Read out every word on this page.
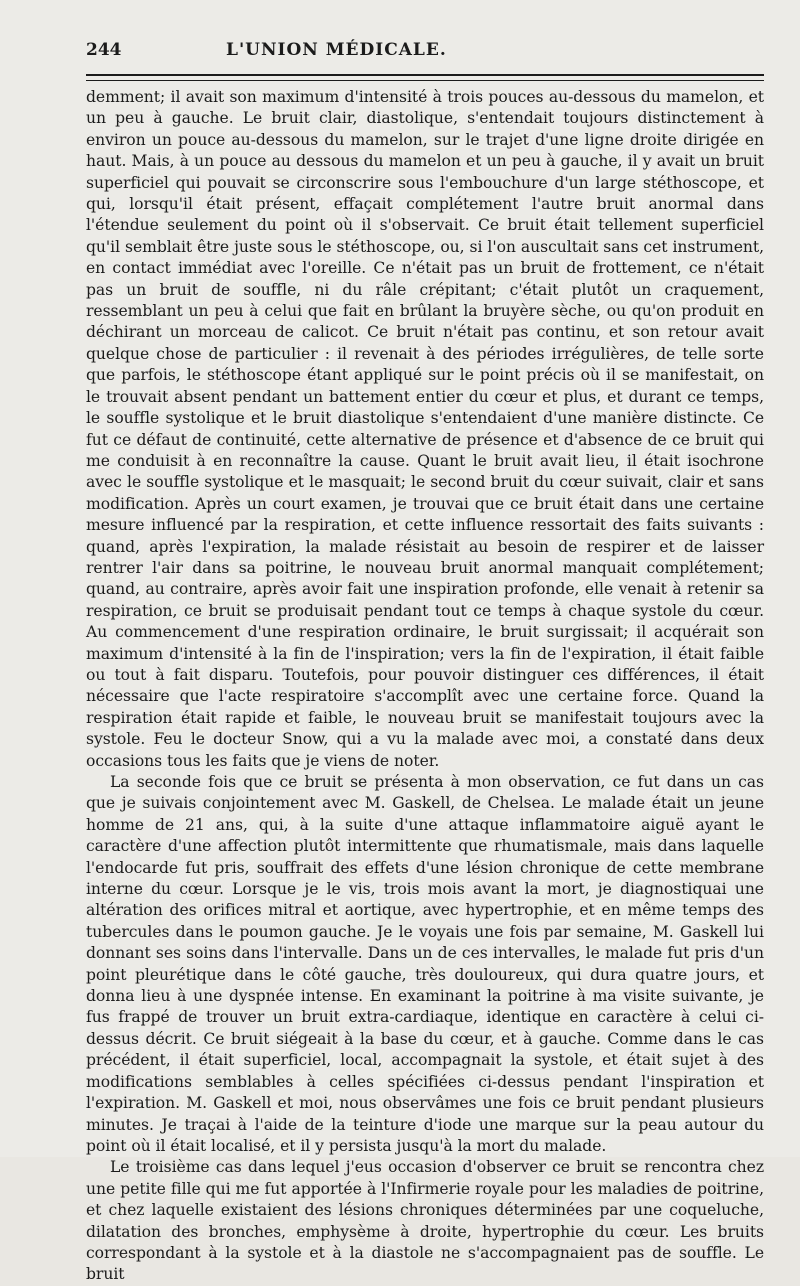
244	L'UNION MÉDICALE.

demment; il avait son maximum d'intensité à trois pouces au-dessous du mamelon, et un peu à gauche. Le bruit clair, diastolique, s'entendait toujours distinctement à environ un pouce au-dessous du mamelon, sur le trajet d'une ligne droite dirigée en haut. Mais, à un pouce au dessous du mamelon et un peu à gauche, il y avait un bruit superficiel qui pouvait se circonscrire sous l'embouchure d'un large stéthoscope, et qui, lorsqu'il était présent, effaçait complétement l'autre bruit anormal dans l'étendue seulement du point où il s'observait. Ce bruit était tellement superficiel qu'il semblait être juste sous le stéthoscope, ou, si l'on auscultait sans cet instrument, en contact immédiat avec l'oreille. Ce n'était pas un bruit de frottement, ce n'était pas un bruit de souffle, ni du râle crépitant; c'était plutôt un craquement, ressemblant un peu à celui que fait en brûlant la bruyère sèche, ou qu'on produit en déchirant un morceau de calicot. Ce bruit n'était pas continu, et son retour avait quelque chose de particulier : il revenait à des périodes irrégulières, de telle sorte que parfois, le stéthoscope étant appliqué sur le point précis où il se manifestait, on le trouvait absent pendant un battement entier du cœur et plus, et durant ce temps, le souffle systolique et le bruit diastolique s'entendaient d'une manière distincte. Ce fut ce défaut de continuité, cette alternative de présence et d'absence de ce bruit qui me conduisit à en reconnaître la cause. Quant le bruit avait lieu, il était isochrone avec le souffle systolique et le masquait; le second bruit du cœur suivait, clair et sans modification. Après un court examen, je trouvai que ce bruit était dans une certaine mesure influencé par la respiration, et cette influence ressortait des faits suivants : quand, après l'expiration, la malade résistait au besoin de respirer et de laisser rentrer l'air dans sa poitrine, le nouveau bruit anormal manquait complétement; quand, au contraire, après avoir fait une inspiration profonde, elle venait à retenir sa respiration, ce bruit se produisait pendant tout ce temps à chaque systole du cœur. Au commencement d'une respiration ordinaire, le bruit surgissait; il acquérait son maximum d'intensité à la fin de l'inspiration; vers la fin de l'expiration, il était faible ou tout à fait disparu. Toutefois, pour pouvoir distinguer ces différences, il était nécessaire que l'acte respiratoire s'accomplît avec une certaine force. Quand la respiration était rapide et faible, le nouveau bruit se manifestait toujours avec la systole. Feu le docteur Snow, qui a vu la malade avec moi, a constaté dans deux occasions tous les faits que je viens de noter.

La seconde fois que ce bruit se présenta à mon observation, ce fut dans un cas que je suivais conjointement avec M. Gaskell, de Chelsea. Le malade était un jeune homme de 21 ans, qui, à la suite d'une attaque inflammatoire aiguë ayant le caractère d'une affection plutôt intermittente que rhumatismale, mais dans laquelle l'endocarde fut pris, souffrait des effets d'une lésion chronique de cette membrane interne du cœur. Lorsque je le vis, trois mois avant la mort, je diagnostiquai une altération des orifices mitral et aortique, avec hypertrophie, et en même temps des tubercules dans le poumon gauche. Je le voyais une fois par semaine, M. Gaskell lui donnant ses soins dans l'intervalle. Dans un de ces intervalles, le malade fut pris d'un point pleurétique dans le côté gauche, très douloureux, qui dura quatre jours, et donna lieu à une dyspnée intense. En examinant la poitrine à ma visite suivante, je fus frappé de trouver un bruit extra-cardiaque, identique en caractère à celui ci-dessus décrit. Ce bruit siégeait à la base du cœur, et à gauche. Comme dans le cas précédent, il était superficiel, local, accompagnait la systole, et était sujet à des modifications semblables à celles spécifiées ci-dessus pendant l'inspiration et l'expiration. M. Gaskell et moi, nous observâmes une fois ce bruit pendant plusieurs minutes. Je traçai à l'aide de la teinture d'iode une marque sur la peau autour du point où il était localisé, et il y persista jusqu'à la mort du malade.

Le troisième cas dans lequel j'eus occasion d'observer ce bruit se rencontra chez une petite fille qui me fut apportée à l'Infirmerie royale pour les maladies de poitrine, et chez laquelle existaient des lésions chroniques déterminées par une coqueluche, dilatation des bronches, emphysème à droite, hypertrophie du cœur. Les bruits correspondant à la systole et à la diastole ne s'accompagnaient pas de souffle. Le bruit
